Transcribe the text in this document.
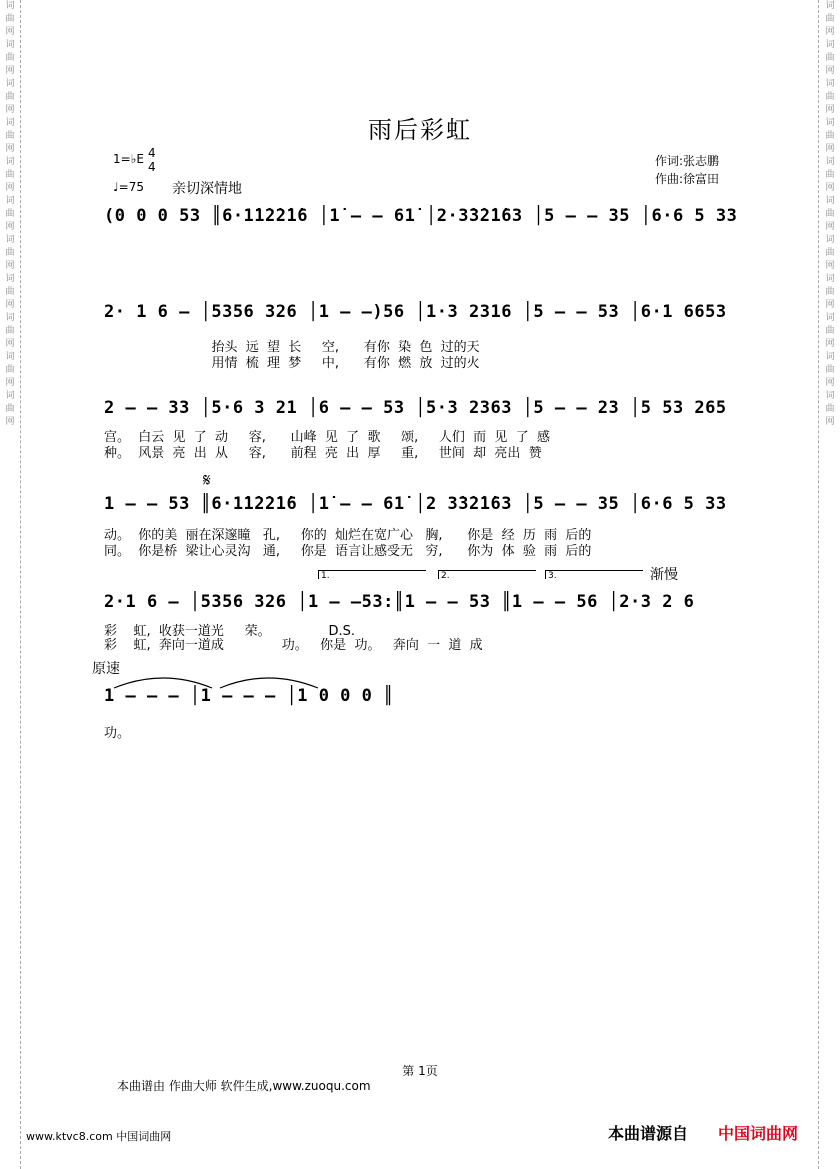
词曲网词曲网词曲网词曲网词曲网词曲网词曲网词曲网词曲网词曲网词曲网
词曲网词曲网词曲网词曲网词曲网词曲网词曲网词曲网词曲网词曲网词曲网
雨后彩虹
1=♭E 4
4
♩=75 亲切深情地
作词:张志鹏
作曲:徐富田
(0 0 0 53 ║6·1̇1̇2̇2̇1̇6 │1̇ — — 61̇ │2·3̇3̇2̇1̇63 │5 — — 35 │6·6 5 33
2· 1 6 — │5356 326 │1 — —)56 │1·3 2316 │5 — — 53 │6·1 6653
抬头  远  望  长     空,      有你  染  色  过的天
用情  梳  理  梦     中,      有你  燃  放  过的火
2 — — 33 │5·6 3 21 │6 — — 53 │5·3 2363 │5 — — 23 │5 53 265
宫。  白云  见  了  动     容,      山峰  见  了  歌     颂,     人们  而  见  了  感
种。  风景  亮  出  从     容,      前程  亮  出  厚     重,     世间  却  亮出  赞
𝄋
1 — — 53 ║6·1̇1̇2̇2̇1̇6 │1̇ — — 61̇ │2 3̇3̇2̇1̇63 │5 — — 35 │6·6 5 33
动。  你的美  丽在深邃瞳   孔,     你的  灿烂在宽广心   胸,      你是  经  历  雨  后的
同。  你是桥  梁让心灵沟   通,     你是  语言让感受无   穷,      你为  体  验  雨  后的
1.	2.	3.	渐慢
2·1 6 — │5356 326 │1 — —53:║1 — — 53 ║1 — — 56 │2·3 2 6
彩    虹,  收获一道光     荣。              D.S.
彩    虹,  奔向一道成              功。   你是  功。   奔向  一  道  成
原速
1 — — — │1 — — — │1 0 0 0 ║
功。
第 1页
本曲谱由 作曲大师 软件生成,www.zuoqu.com
www.ktvc8.com 中国词曲网	本曲谱源自 中国词曲网
